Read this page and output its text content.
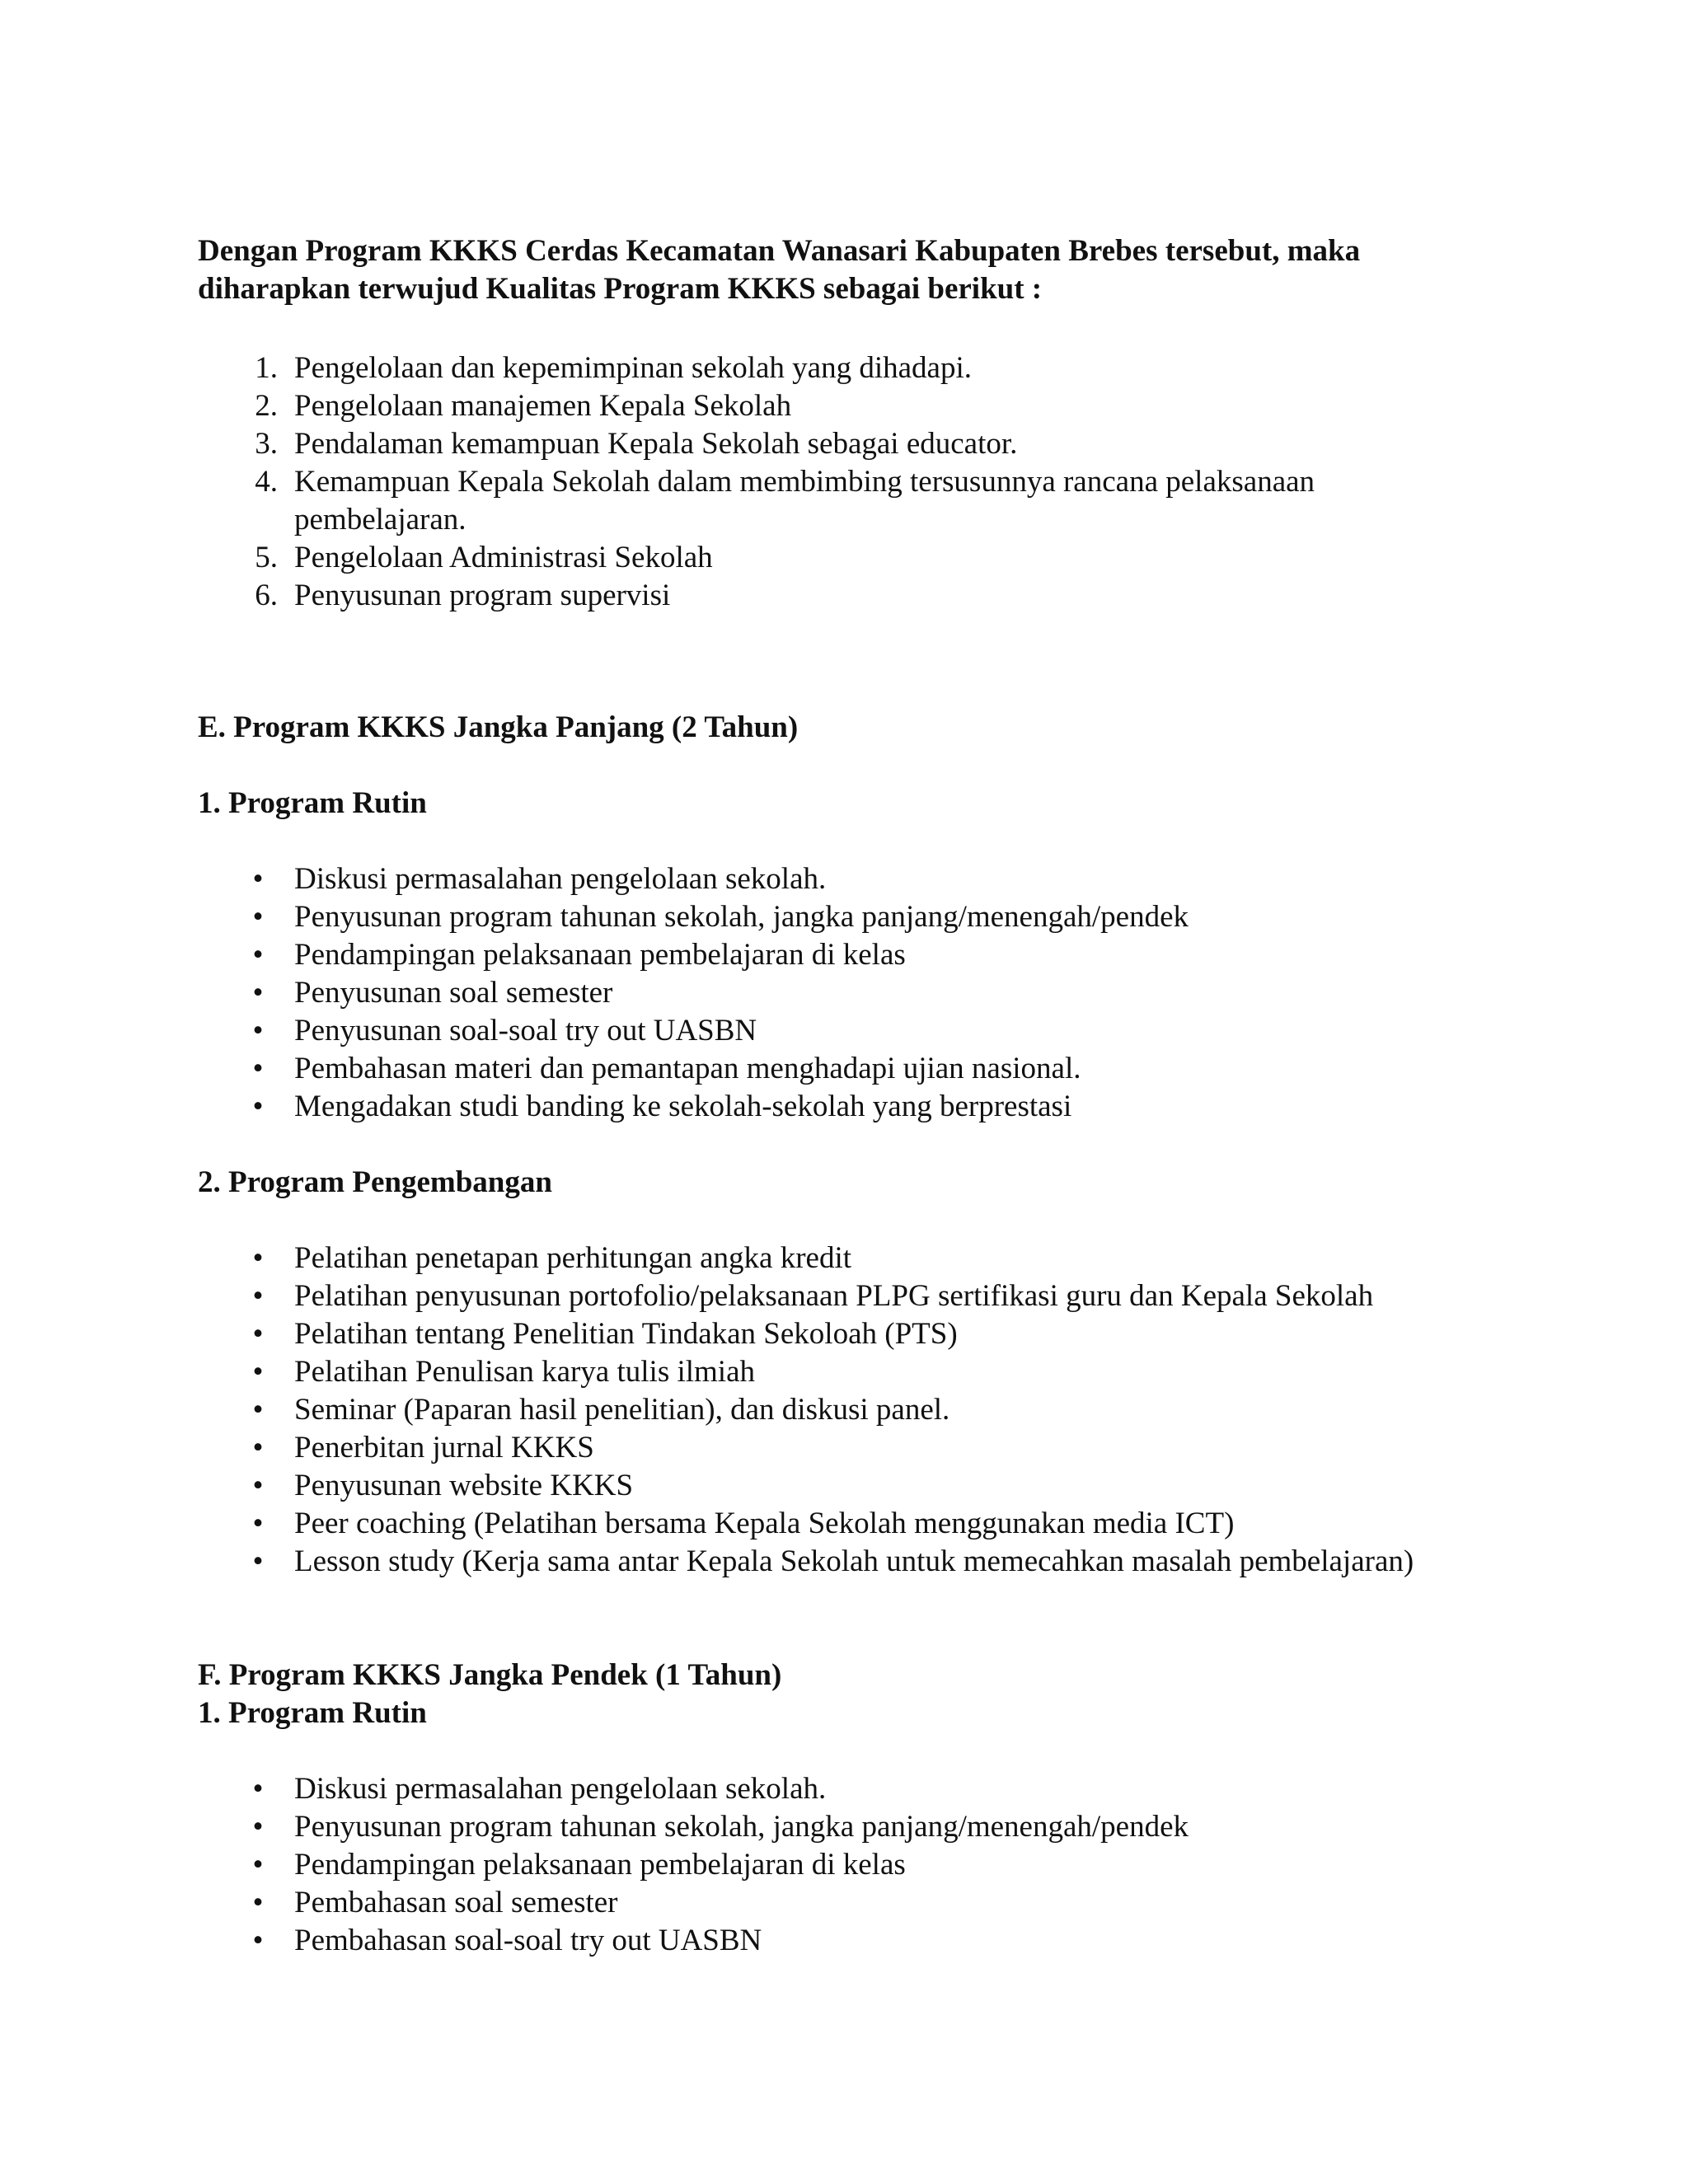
Dengan Program KKKS Cerdas Kecamatan Wanasari Kabupaten Brebes tersebut, maka diharapkan terwujud Kualitas Program KKKS sebagai berikut :

1. Pengelolaan dan kepemimpinan sekolah yang dihadapi.
2. Pengelolaan manajemen Kepala Sekolah
3. Pendalaman kemampuan Kepala Sekolah sebagai educator.
4. Kemampuan Kepala Sekolah dalam membimbing tersusunnya rancana pelaksanaan pembelajaran.
5. Pengelolaan Administrasi Sekolah
6. Penyusunan program supervisi
E. Program KKKS Jangka Panjang (2 Tahun)
1. Program Rutin
• Diskusi permasalahan pengelolaan sekolah.
• Penyusunan program tahunan sekolah, jangka panjang/menengah/pendek
• Pendampingan pelaksanaan pembelajaran di kelas
• Penyusunan soal semester
• Penyusunan soal-soal try out UASBN
• Pembahasan materi dan pemantapan menghadapi ujian nasional.
• Mengadakan studi banding ke sekolah-sekolah yang berprestasi
2. Program Pengembangan
• Pelatihan penetapan perhitungan angka kredit
• Pelatihan penyusunan portofolio/pelaksanaan PLPG sertifikasi guru dan Kepala Sekolah
• Pelatihan tentang Penelitian Tindakan Sekoloah (PTS)
• Pelatihan Penulisan karya tulis ilmiah
• Seminar (Paparan hasil penelitian), dan diskusi panel.
• Penerbitan jurnal KKKS
• Penyusunan website KKKS
• Peer coaching (Pelatihan bersama Kepala Sekolah menggunakan media ICT)
• Lesson study (Kerja sama antar Kepala Sekolah untuk memecahkan masalah pembelajaran)
F. Program KKKS Jangka Pendek (1 Tahun)
1. Program Rutin
• Diskusi permasalahan pengelolaan sekolah.
• Penyusunan program tahunan sekolah, jangka panjang/menengah/pendek
• Pendampingan pelaksanaan pembelajaran di kelas
• Pembahasan soal semester
• Pembahasan soal-soal try out UASBN
